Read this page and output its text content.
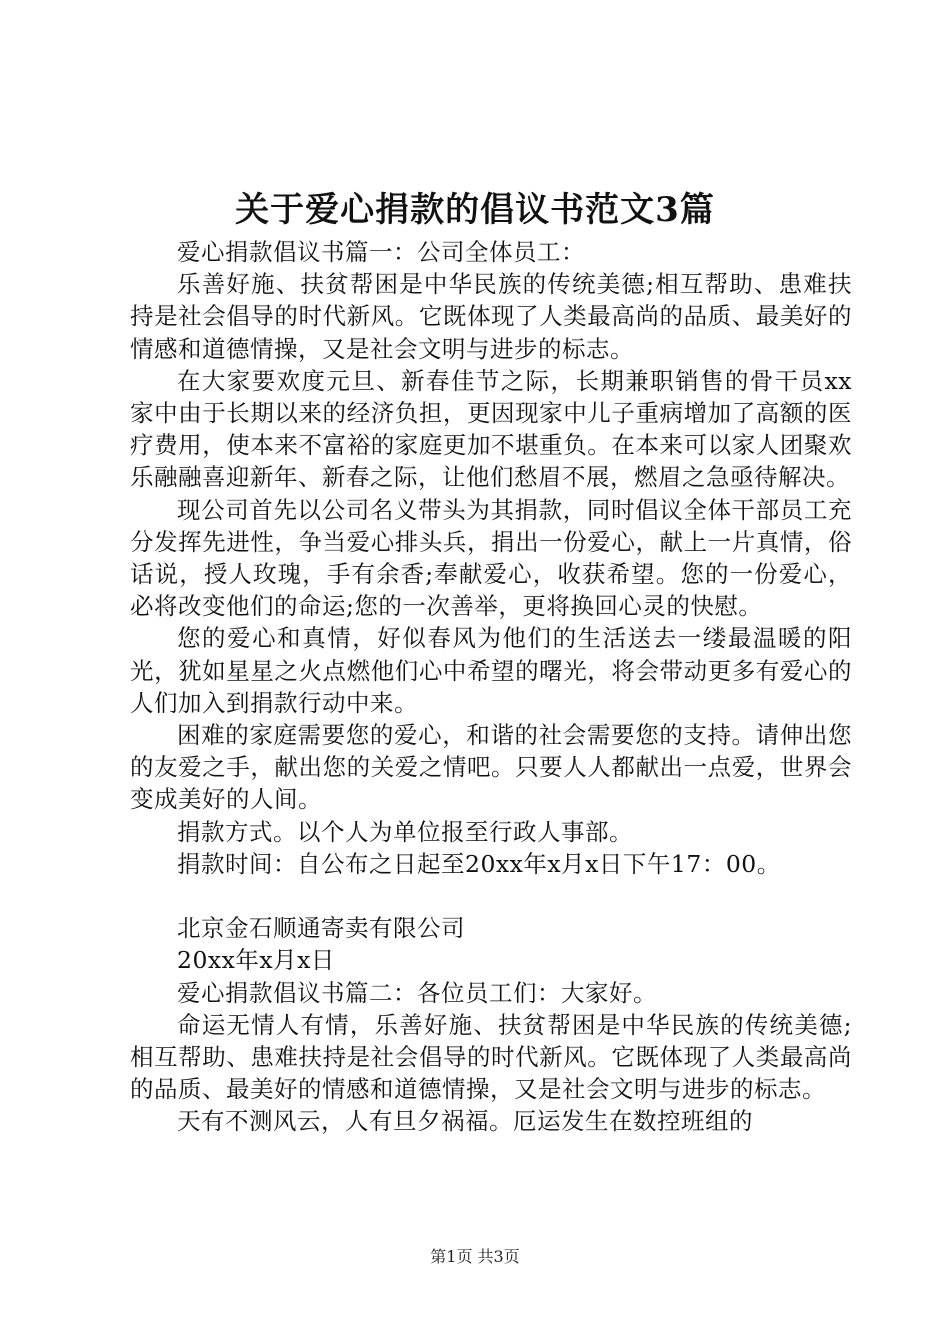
关于爱心捐款的倡议书范文3篇

爱心捐款倡议书篇一：公司全体员工：

乐善好施、扶贫帮困是中华民族的传统美德;相互帮助、患难扶持是社会倡导的时代新风。它既体现了人类最高尚的品质、最美好的情感和道德情操，又是社会文明与进步的标志。

在大家要欢度元旦、新春佳节之际，长期兼职销售的骨干员xx家中由于长期以来的经济负担，更因现家中儿子重病增加了高额的医疗费用，使本来不富裕的家庭更加不堪重负。在本来可以家人团聚欢乐融融喜迎新年、新春之际，让他们愁眉不展，燃眉之急亟待解决。

现公司首先以公司名义带头为其捐款，同时倡议全体干部员工充分发挥先进性，争当爱心排头兵，捐出一份爱心，献上一片真情，俗话说，授人玫瑰，手有余香;奉献爱心，收获希望。您的一份爱心，必将改变他们的命运;您的一次善举，更将换回心灵的快慰。

您的爱心和真情，好似春风为他们的生活送去一缕最温暖的阳光，犹如星星之火点燃他们心中希望的曙光，将会带动更多有爱心的人们加入到捐款行动中来。

困难的家庭需要您的爱心，和谐的社会需要您的支持。请伸出您的友爱之手，献出您的关爱之情吧。只要人人都献出一点爱，世界会变成美好的人间。

捐款方式。以个人为单位报至行政人事部。

捐款时间：自公布之日起至20xx年x月x日下午17：00。

北京金石顺通寄卖有限公司

20xx年x月x日

爱心捐款倡议书篇二：各位员工们：大家好。

命运无情人有情，乐善好施、扶贫帮困是中华民族的传统美德;相互帮助、患难扶持是社会倡导的时代新风。它既体现了人类最高尚的品质、最美好的情感和道德情操，又是社会文明与进步的标志。

天有不测风云，人有旦夕祸福。厄运发生在数控班组的

第1页 共3页
